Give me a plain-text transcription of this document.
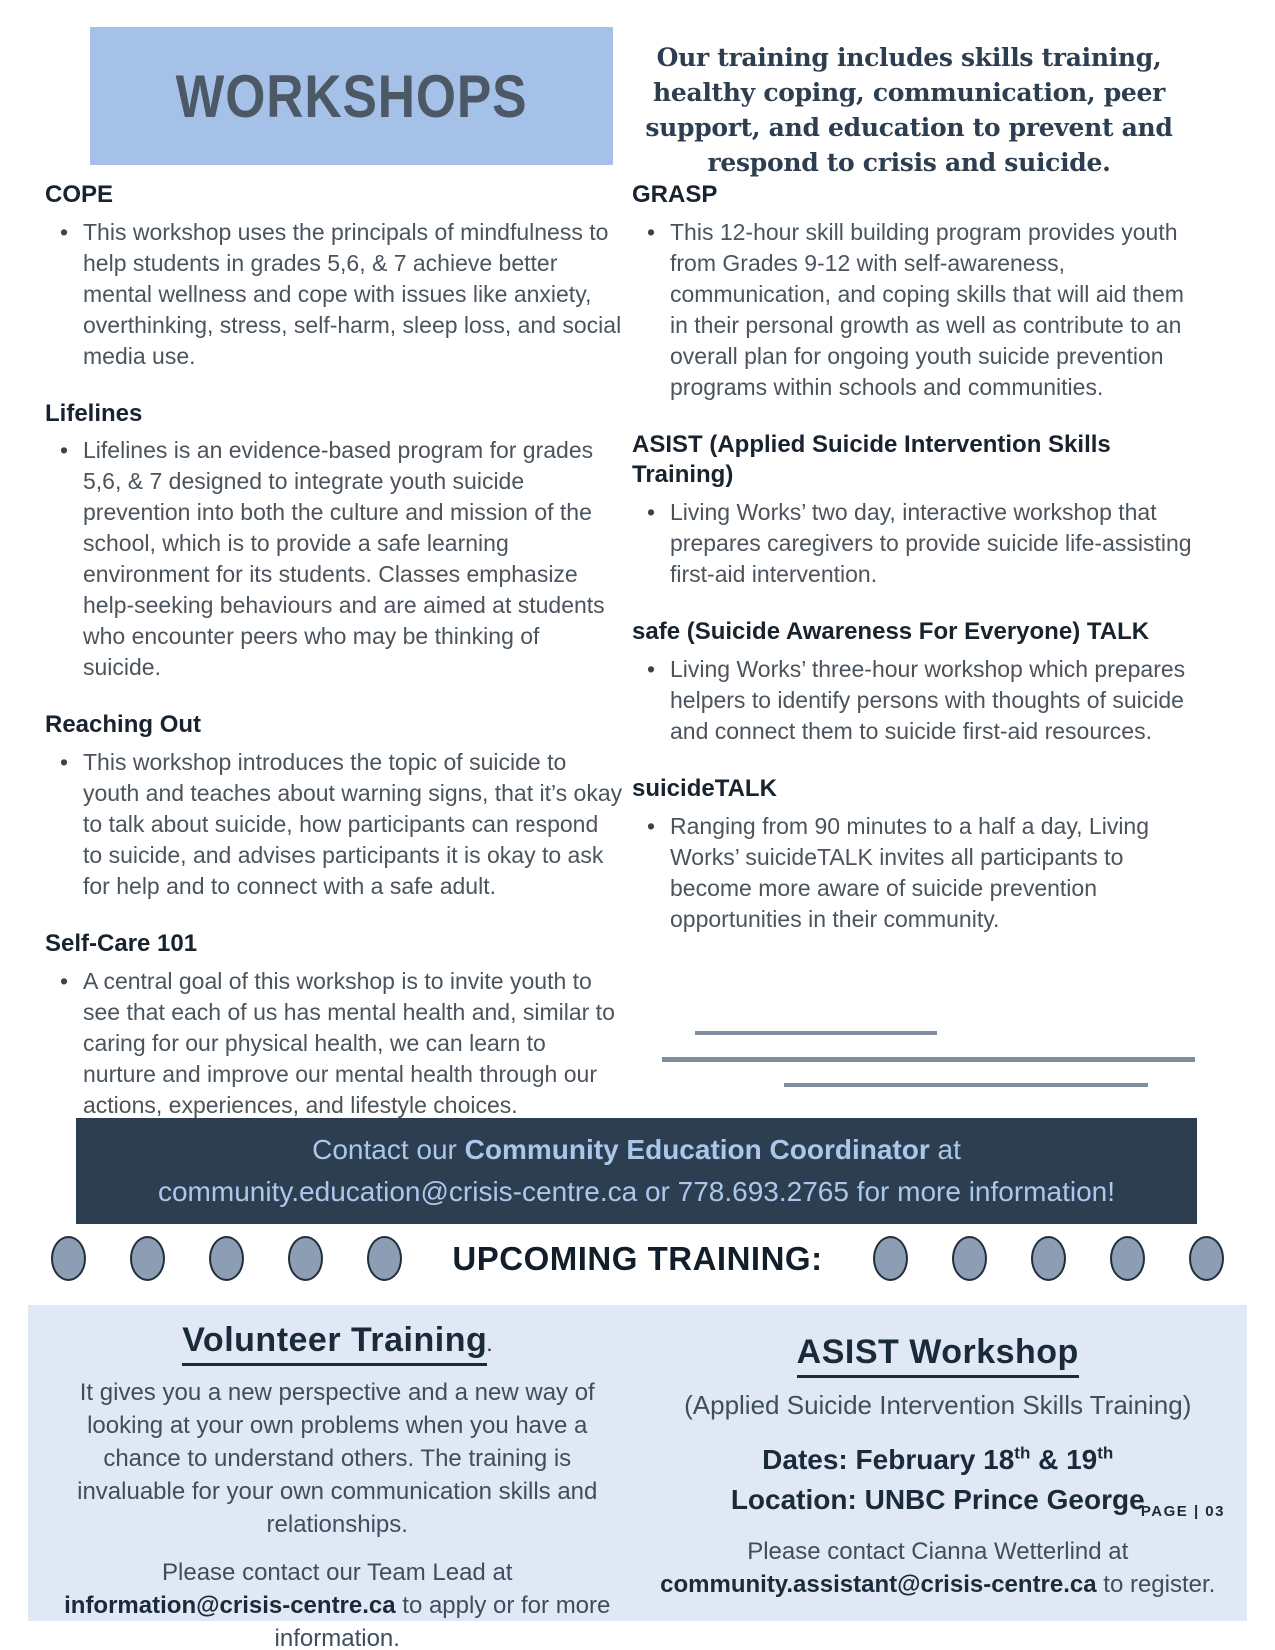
WORKSHOPS

Our training includes skills training, healthy coping, communication, peer support, and education to prevent and respond to crisis and suicide.

COPE
• This workshop uses the principals of mindfulness to help students in grades 5,6, & 7 achieve better mental wellness and cope with issues like anxiety, overthinking, stress, self-harm, sleep loss, and social media use.

Lifelines
• Lifelines is an evidence-based program for grades 5,6, & 7 designed to integrate youth suicide prevention into both the culture and mission of the school, which is to provide a safe learning environment for its students. Classes emphasize help-seeking behaviours and are aimed at students who encounter peers who may be thinking of suicide.

Reaching Out
• This workshop introduces the topic of suicide to youth and teaches about warning signs, that it’s okay to talk about suicide, how participants can respond to suicide, and advises participants it is okay to ask for help and to connect with a safe adult.

Self-Care 101
• A central goal of this workshop is to invite youth to see that each of us has mental health and, similar to caring for our physical health, we can learn to nurture and improve our mental health through our actions, experiences, and lifestyle choices.

GRASP
• This 12-hour skill building program provides youth from Grades 9-12 with self-awareness, communication, and coping skills that will aid them in their personal growth as well as contribute to an overall plan for ongoing youth suicide prevention programs within schools and communities.

ASIST (Applied Suicide Intervention Skills Training)
• Living Works’ two day, interactive workshop that prepares caregivers to provide suicide life-assisting first-aid intervention.

safe (Suicide Awareness For Everyone) TALK
• Living Works’ three-hour workshop which prepares helpers to identify persons with thoughts of suicide and connect them to suicide first-aid resources.

suicideTALK
• Ranging from 90 minutes to a half a day, Living Works’ suicideTALK invites all participants to become more aware of suicide prevention opportunities in their community.

Contact our Community Education Coordinator at
community.education@crisis-centre.ca or 778.693.2765 for more information!
UPCOMING TRAINING:
Volunteer Training.

It gives you a new perspective and a new way of looking at your own problems when you have a chance to understand others. The training is invaluable for your own communication skills and relationships.

Please contact our Team Lead at information@crisis-centre.ca to apply or for more information.

ASIST Workshop

(Applied Suicide Intervention Skills Training)

Dates: February 18th & 19th

Location: UNBC Prince George

Please contact Cianna Wetterlind at community.assistant@crisis-centre.ca to register.

PAGE | 03
